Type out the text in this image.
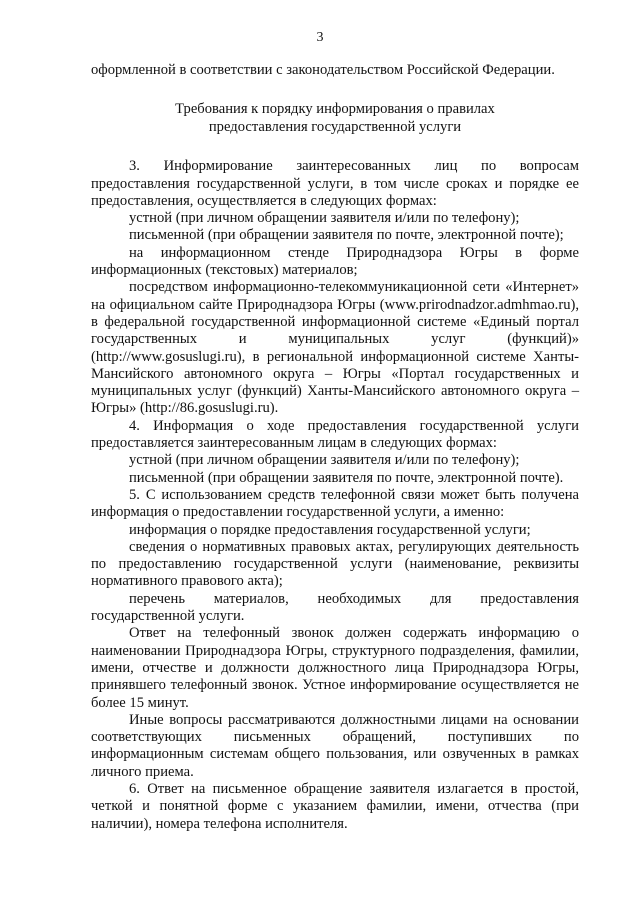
3

оформленной в соответствии с законодательством Российской Федерации.

Требования к порядку информирования о правилах
предоставления государственной услуги

3. Информирование заинтересованных лиц по вопросам предоставления государственной услуги, в том числе сроках и порядке ее предоставления, осуществляется в следующих формах:

устной (при личном обращении заявителя и/или по телефону);

письменной (при обращении заявителя по почте, электронной почте);

на информационном стенде Природнадзора Югры в форме информационных (текстовых) материалов;

посредством информационно-телекоммуникационной сети «Интернет» на официальном сайте Природнадзора Югры (www.prirodnadzor.admhmao.ru), в федеральной государственной информационной системе «Единый портал государственных и муниципальных услуг (функций)» (http://www.gosuslugi.ru), в региональной информационной системе Ханты-Мансийского автономного округа – Югры «Портал государственных и муниципальных услуг (функций) Ханты-Мансийского автономного округа – Югры» (http://86.gosuslugi.ru).

4. Информация о ходе предоставления государственной услуги предоставляется заинтересованным лицам в следующих формах:

устной (при личном обращении заявителя и/или по телефону);

письменной (при обращении заявителя по почте, электронной почте).

5. С использованием средств телефонной связи может быть получена информация о предоставлении государственной услуги, а именно:

информация о порядке предоставления государственной услуги;

сведения о нормативных правовых актах, регулирующих деятельность по предоставлению государственной услуги (наименование, реквизиты нормативного правового акта);

перечень материалов, необходимых для предоставления государственной услуги.

Ответ на телефонный звонок должен содержать информацию о наименовании Природнадзора Югры, структурного подразделения, фамилии, имени, отчестве и должности должностного лица Природнадзора Югры, принявшего телефонный звонок. Устное информирование осуществляется не более 15 минут.

Иные вопросы рассматриваются должностными лицами на основании соответствующих письменных обращений, поступивших по информационным системам общего пользования, или озвученных в рамках личного приема.

6. Ответ на письменное обращение заявителя излагается в простой, четкой и понятной форме с указанием фамилии, имени, отчества (при наличии), номера телефона исполнителя.
